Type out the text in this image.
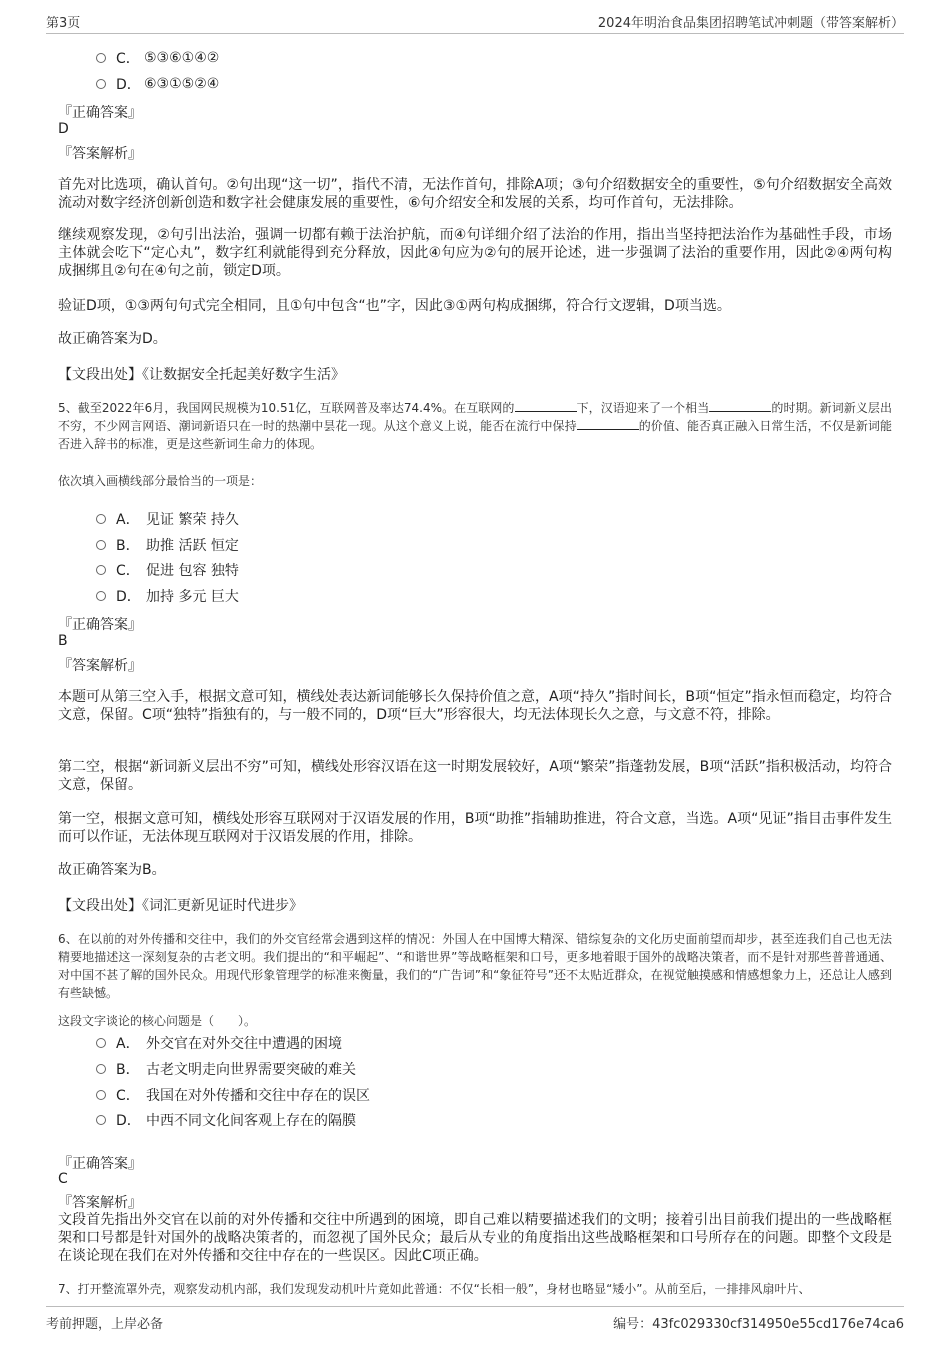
第3页	2024年明治食品集团招聘笔试冲刺题（带答案解析）
C． ⑤③⑥①④②
D． ⑥③①⑤②④
『正确答案』
D
『答案解析』
首先对比选项，确认首句。②句出现“这一切”，指代不清，无法作首句，排除A项；③句介绍数据安全的重要性，⑤句介绍数据安全高效流动对数字经济创新创造和数字社会健康发展的重要性，⑥句介绍安全和发展的关系，均可作首句，无法排除。
继续观察发现，②句引出法治，强调一切都有赖于法治护航，而④句详细介绍了法治的作用，指出当坚持把法治作为基础性手段，市场主体就会吃下“定心丸”，数字红利就能得到充分释放，因此④句应为②句的展开论述，进一步强调了法治的重要作用，因此②④两句构成捆绑且②句在④句之前，锁定D项。
验证D项，①③两句句式完全相同，且①句中包含“也”字，因此③①两句构成捆绑，符合行文逻辑，D项当选。
故正确答案为D。
【文段出处】《让数据安全托起美好数字生活》
5、截至2022年6月，我国网民规模为10.51亿，互联网普及率达74.4%。在互联网的	下，汉语迎来了一个相当	的时期。新词新义层出不穷，不少网言网语、潮词新语只在一时的热潮中昙花一现。从这个意义上说，能否在流行中保持	的价值、能否真正融入日常生活，不仅是新词能否进入辞书的标准，更是这些新词生命力的体现。
依次填入画横线部分最恰当的一项是：
A． 见证 繁荣 持久
B． 助推 活跃 恒定
C． 促进 包容 独特
D． 加持 多元 巨大
『正确答案』
B
『答案解析』
本题可从第三空入手，根据文意可知，横线处表达新词能够长久保持价值之意，A项“持久”指时间长，B项“恒定”指永恒而稳定，均符合文意，保留。C项“独特”指独有的，与一般不同的，D项“巨大”形容很大，均无法体现长久之意，与文意不符，排除。
第二空，根据“新词新义层出不穷”可知，横线处形容汉语在这一时期发展较好，A项“繁荣”指蓬勃发展，B项“活跃”指积极活动，均符合文意，保留。
第一空，根据文意可知，横线处形容互联网对于汉语发展的作用，B项“助推”指辅助推进，符合文意，当选。A项“见证”指目击事件发生而可以作证，无法体现互联网对于汉语发展的作用，排除。
故正确答案为B。
【文段出处】《词汇更新见证时代进步》
6、在以前的对外传播和交往中，我们的外交官经常会遇到这样的情况：外国人在中国博大精深、错综复杂的文化历史面前望而却步，甚至连我们自己也无法精要地描述这一深刻复杂的古老文明。我们提出的“和平崛起”、“和谐世界”等战略框架和口号，更多地着眼于国外的战略决策者，而不是针对那些普普通通、对中国不甚了解的国外民众。用现代形象管理学的标准来衡量，我们的“广告词”和“象征符号”还不太贴近群众，在视觉触摸感和情感想象力上，还总让人感到有些缺憾。
这段文字谈论的核心问题是（　　）。
A． 外交官在对外交往中遭遇的困境
B． 古老文明走向世界需要突破的难关
C． 我国在对外传播和交往中存在的误区
D． 中西不同文化间客观上存在的隔膜
『正确答案』
C
『答案解析』
文段首先指出外交官在以前的对外传播和交往中所遇到的困境，即自己难以精要描述我们的文明；接着引出目前我们提出的一些战略框架和口号都是针对国外的战略决策者的，而忽视了国外民众；最后从专业的角度指出这些战略框架和口号所存在的问题。即整个文段是在谈论现在我们在对外传播和交往中存在的一些误区。因此C项正确。
7、打开整流罩外壳，观察发动机内部，我们发现发动机叶片竟如此普通：不仅“长相一般”，身材也略显“矮小”。从前至后，一排排风扇叶片、
考前押题，上岸必备	编号：43fc029330cf314950e55cd176e74ca6
